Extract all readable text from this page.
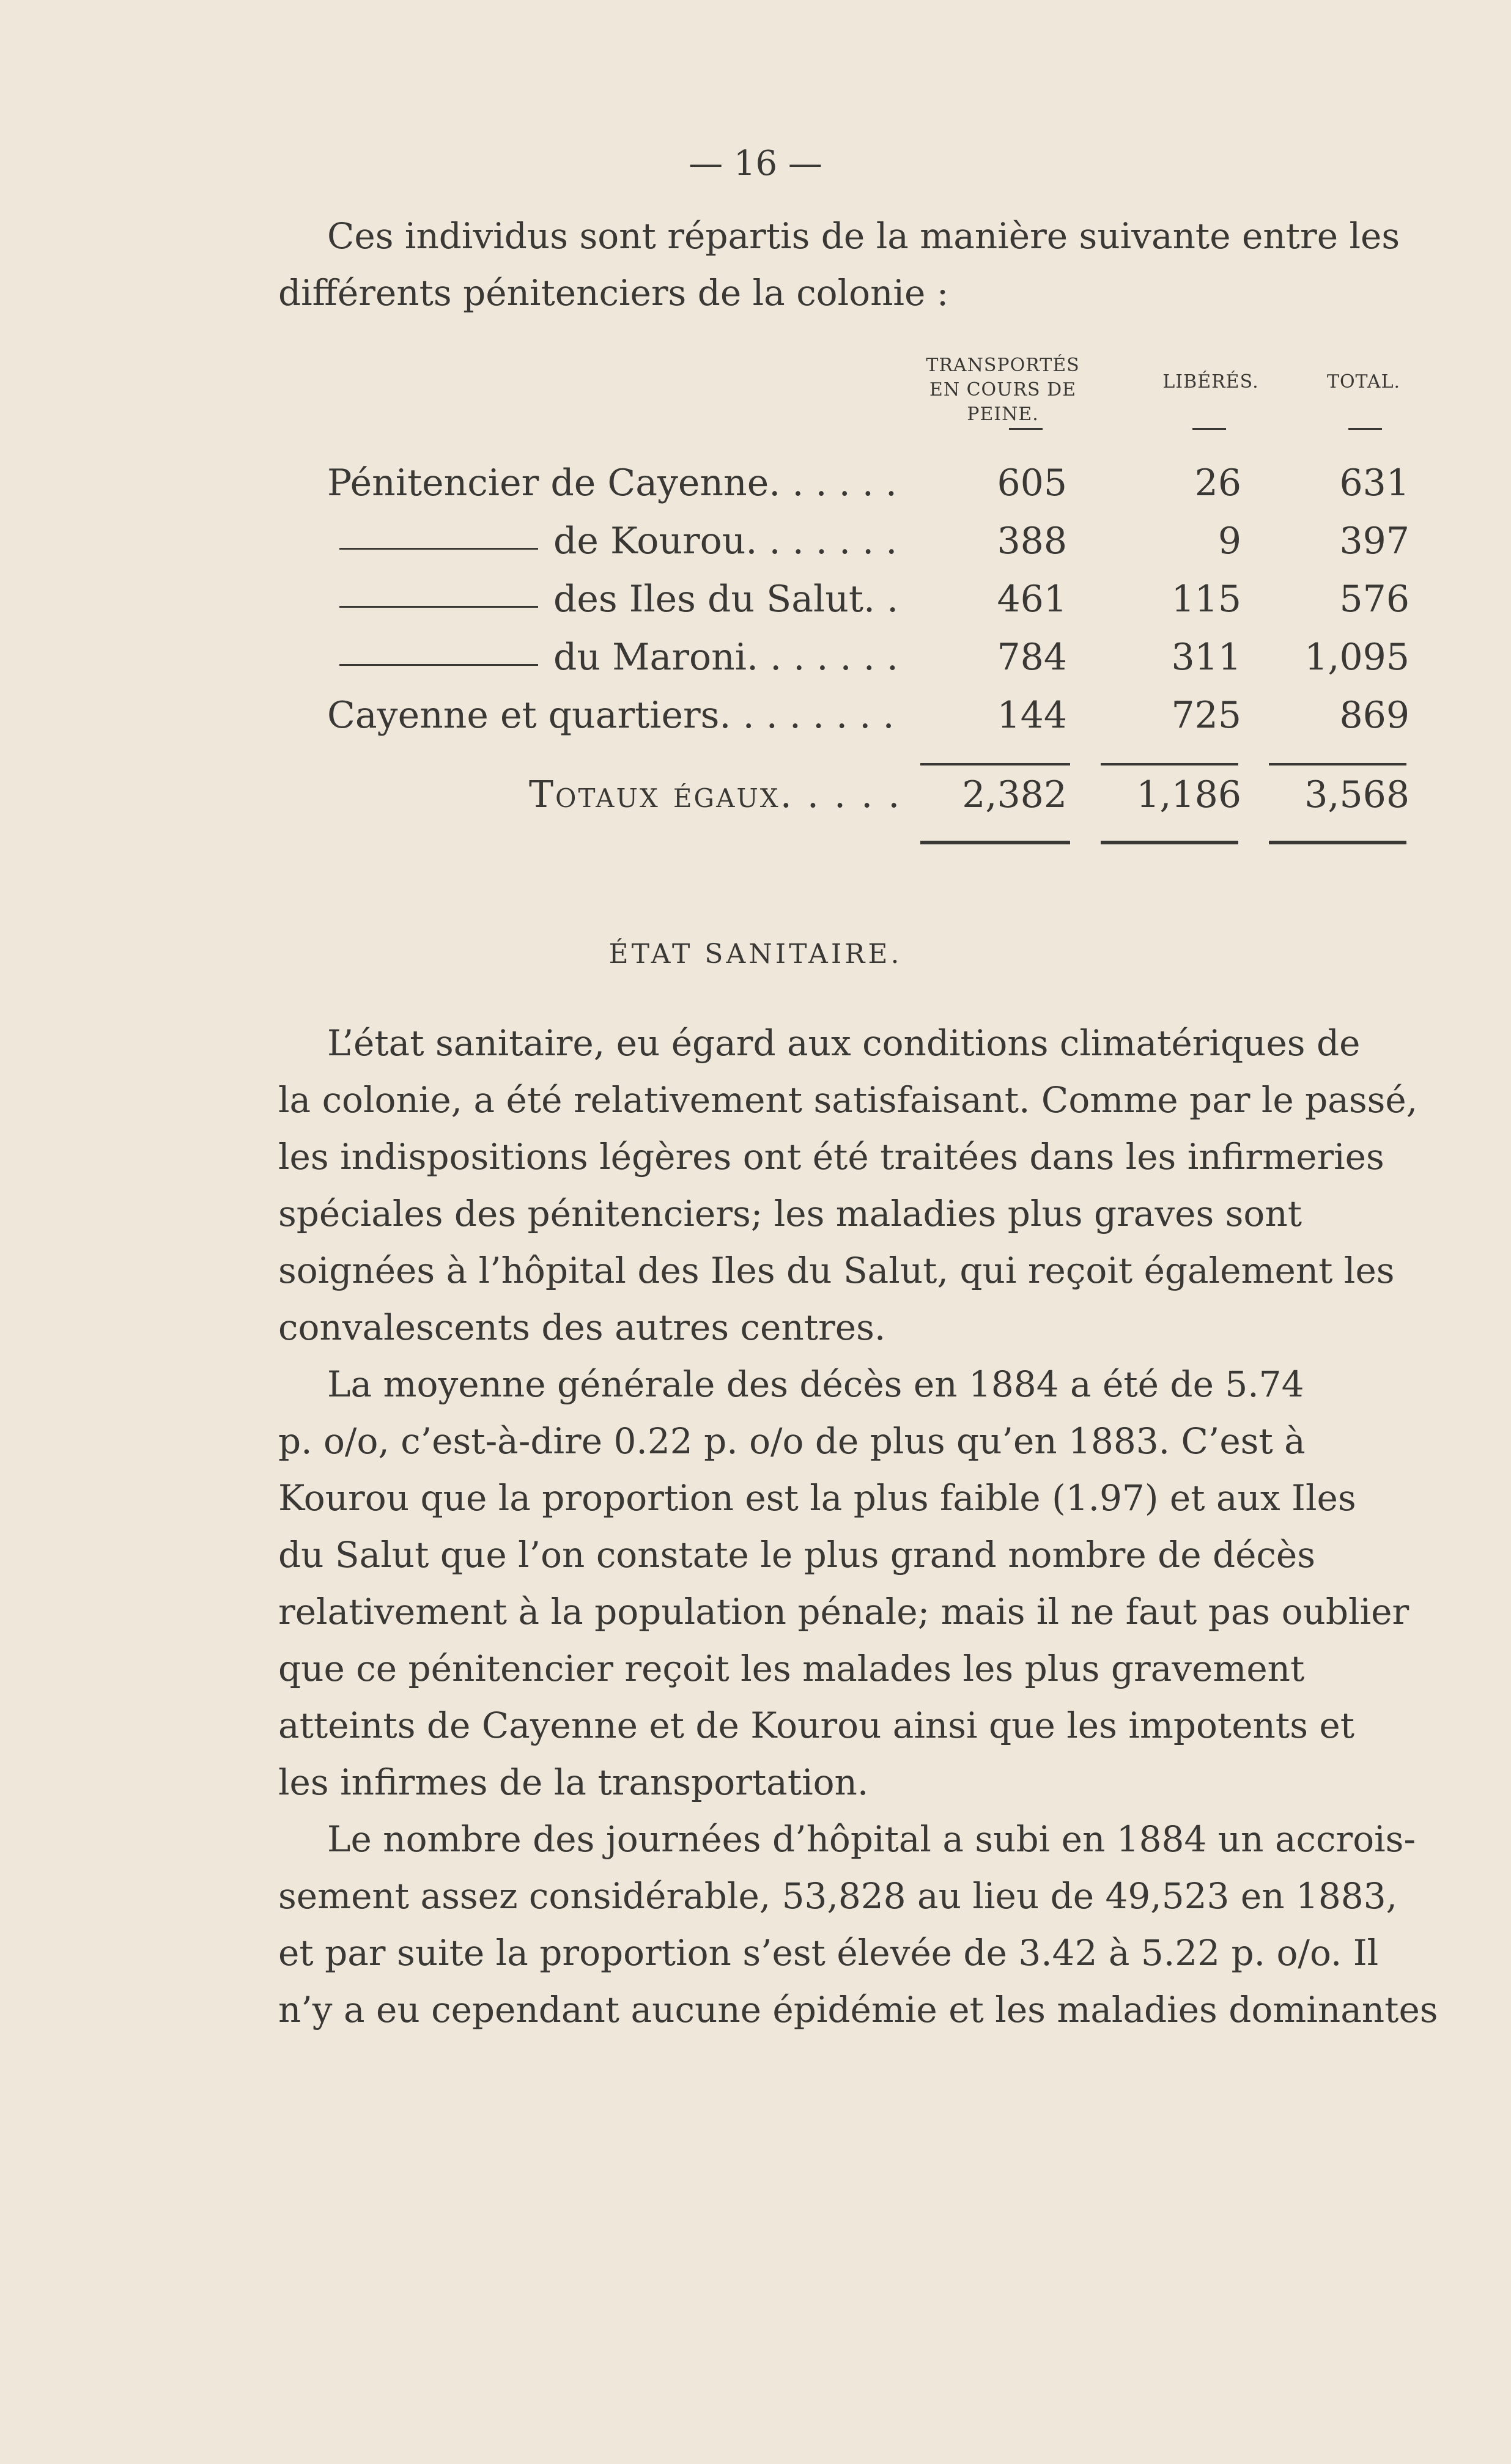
— 16 —
Ces individus sont répartis de la manière suivante entre les
différents pénitenciers de la colonie :
TRANSPORTÉS
EN COURS DE PEINE.
LIBÉRÉS.	TOTAL.
Pénitencier de Cayenne. . . . . .	605	26	631
de Kourou. . . . . . .	388	9	397
des Iles du Salut. .	461	115	576
du Maroni. . . . . . .	784	311	1,095
Cayenne et quartiers. . . . . . . .	144	725	869
Totaux égaux. . . . .	2,382	1,186	3,568
ÉTAT SANITAIRE.
L’état sanitaire, eu égard aux conditions climatériques de
la colonie, a été relativement satisfaisant. Comme par le passé,
les indispositions légères ont été traitées dans les infirmeries
spéciales des pénitenciers; les maladies plus graves sont
soignées à l’hôpital des Iles du Salut, qui reçoit également les
convalescents des autres centres.
La moyenne générale des décès en 1884 a été de 5.74
p. o/o, c’est-à-dire 0.22 p. o/o de plus qu’en 1883. C’est à
Kourou que la proportion est la plus faible (1.97) et aux Iles
du Salut que l’on constate le plus grand nombre de décès
relativement à la population pénale; mais il ne faut pas oublier
que ce pénitencier reçoit les malades les plus gravement
atteints de Cayenne et de Kourou ainsi que les impotents et
les infirmes de la transportation.
Le nombre des journées d’hôpital a subi en 1884 un accrois-
sement assez considérable, 53,828 au lieu de 49,523 en 1883,
et par suite la proportion s’est élevée de 3.42 à 5.22 p. o/o. Il
n’y a eu cependant aucune épidémie et les maladies dominantes
